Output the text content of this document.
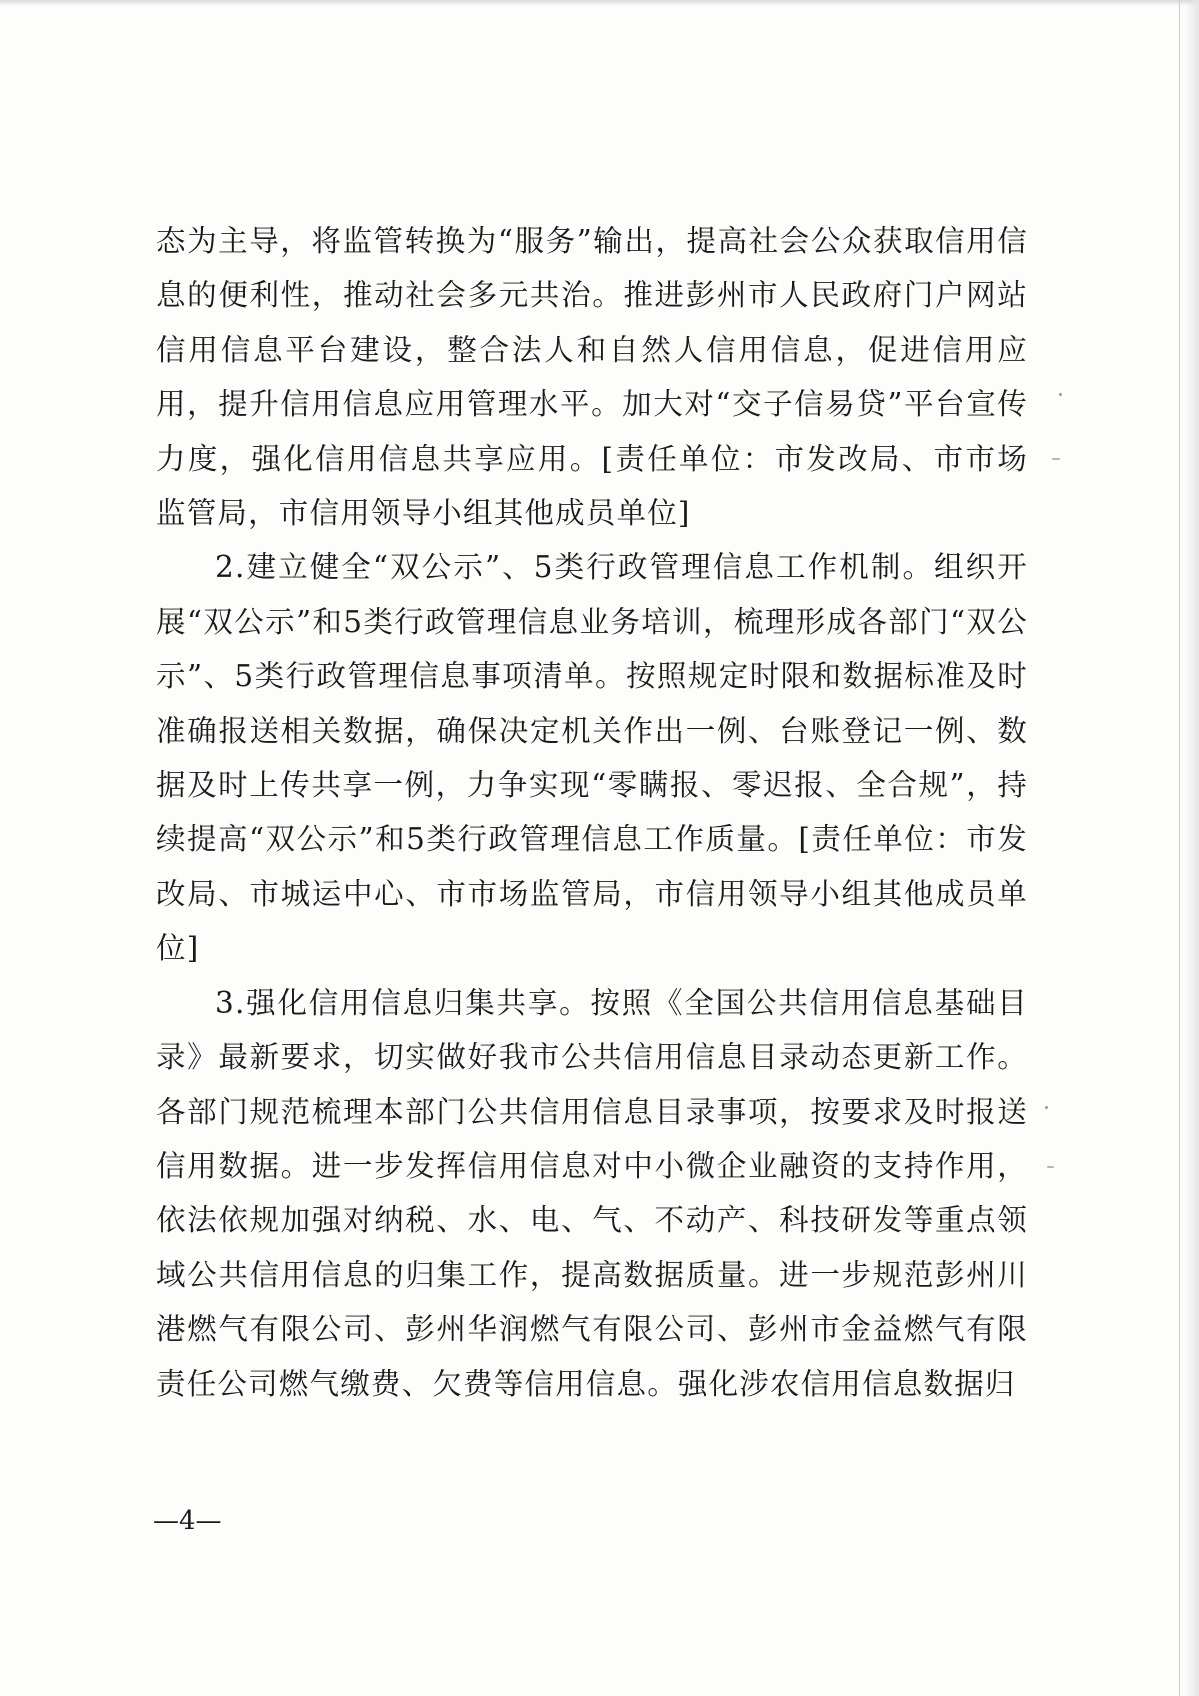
态为主导，将监管转换为“服务”输出，提高社会公众获取信用信息的便利性，推动社会多元共治。推进彭州市人民政府门户网站信用信息平台建设，整合法人和自然人信用信息，促进信用应用，提升信用信息应用管理水平。加大对“交子信易贷”平台宣传力度，强化信用信息共享应用。[责任单位：市发改局、市市场监管局，市信用领导小组其他成员单位]

2.建立健全“双公示”、5类行政管理信息工作机制。组织开展“双公示”和5类行政管理信息业务培训，梳理形成各部门“双公示”、5类行政管理信息事项清单。按照规定时限和数据标准及时准确报送相关数据，确保决定机关作出一例、台账登记一例、数据及时上传共享一例，力争实现“零瞒报、零迟报、全合规”，持续提高“双公示”和5类行政管理信息工作质量。[责任单位：市发改局、市城运中心、市市场监管局，市信用领导小组其他成员单位]

3.强化信用信息归集共享。按照《全国公共信用信息基础目录》最新要求，切实做好我市公共信用信息目录动态更新工作。各部门规范梳理本部门公共信用信息目录事项，按要求及时报送信用数据。进一步发挥信用信息对中小微企业融资的支持作用，依法依规加强对纳税、水、电、气、不动产、科技研发等重点领域公共信用信息的归集工作，提高数据质量。进一步规范彭州川港燃气有限公司、彭州华润燃气有限公司、彭州市金益燃气有限责任公司燃气缴费、欠费等信用信息。强化涉农信用信息数据归

—4—
